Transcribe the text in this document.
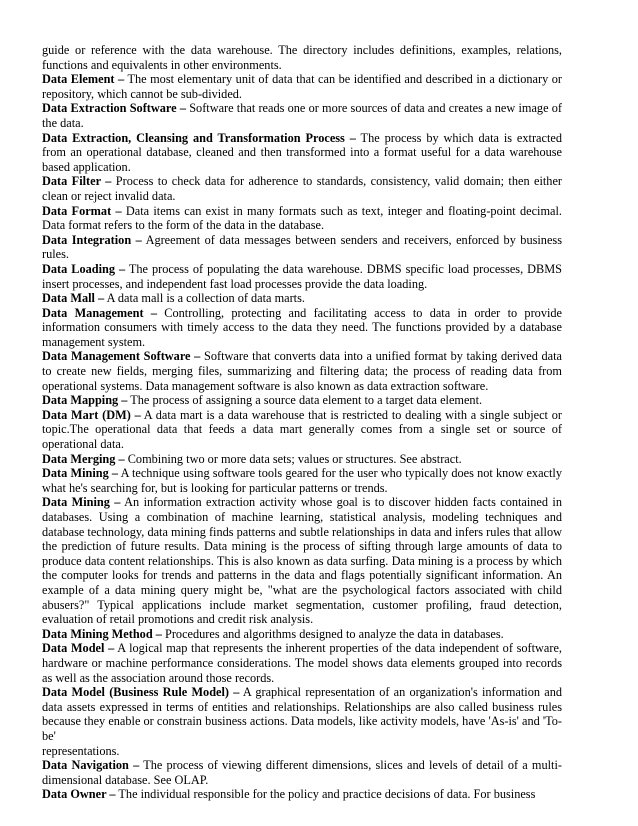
guide or reference with the data warehouse. The directory includes definitions, examples, relations, functions and equivalents in other environments.

Data Element – The most elementary unit of data that can be identified and described in a dictionary or repository, which cannot be sub-divided.

Data Extraction Software – Software that reads one or more sources of data and creates a new image of the data.

Data Extraction, Cleansing and Transformation Process – The process by which data is extracted from an operational database, cleaned and then transformed into a format useful for a data warehouse based application.

Data Filter – Process to check data for adherence to standards, consistency, valid domain; then either clean or reject invalid data.

Data Format – Data items can exist in many formats such as text, integer and floating-point decimal. Data format refers to the form of the data in the database.

Data Integration – Agreement of data messages between senders and receivers, enforced by business rules.

Data Loading – The process of populating the data warehouse. DBMS specific load processes, DBMS insert processes, and independent fast load processes provide the data loading.

Data Mall – A data mall is a collection of data marts.

Data Management – Controlling, protecting and facilitating access to data in order to provide information consumers with timely access to the data they need. The functions provided by a database management system.

Data Management Software – Software that converts data into a unified format by taking derived data to create new fields, merging files, summarizing and filtering data; the process of reading data from operational systems. Data management software is also known as data extraction software.

Data Mapping – The process of assigning a source data element to a target data element.

Data Mart (DM) – A data mart is a data warehouse that is restricted to dealing with a single subject or topic.The operational data that feeds a data mart generally comes from a single set or source of operational data.

Data Merging – Combining two or more data sets; values or structures. See abstract.

Data Mining – A technique using software tools geared for the user who typically does not know exactly what he's searching for, but is looking for particular patterns or trends.

Data Mining – An information extraction activity whose goal is to discover hidden facts contained in databases. Using a combination of machine learning, statistical analysis, modeling techniques and database technology, data mining finds patterns and subtle relationships in data and infers rules that allow the prediction of future results. Data mining is the process of sifting through large amounts of data to produce data content relationships. This is also known as data surfing. Data mining is a process by which the computer looks for trends and patterns in the data and flags potentially significant information. An example of a data mining query might be, "what are the psychological factors associated with child abusers?" Typical applications include market segmentation, customer profiling, fraud detection, evaluation of retail promotions and credit risk analysis.

Data Mining Method – Procedures and algorithms designed to analyze the data in databases.

Data Model – A logical map that represents the inherent properties of the data independent of software, hardware or machine performance considerations. The model shows data elements grouped into records as well as the association around those records.

Data Model (Business Rule Model) – A graphical representation of an organization's information and data assets expressed in terms of entities and relationships. Relationships are also called business rules because they enable or constrain business actions. Data models, like activity models, have 'As-is' and 'To-be'

representations.

Data Navigation – The process of viewing different dimensions, slices and levels of detail of a multi-dimensional database. See OLAP.

Data Owner – The individual responsible for the policy and practice decisions of data. For business
